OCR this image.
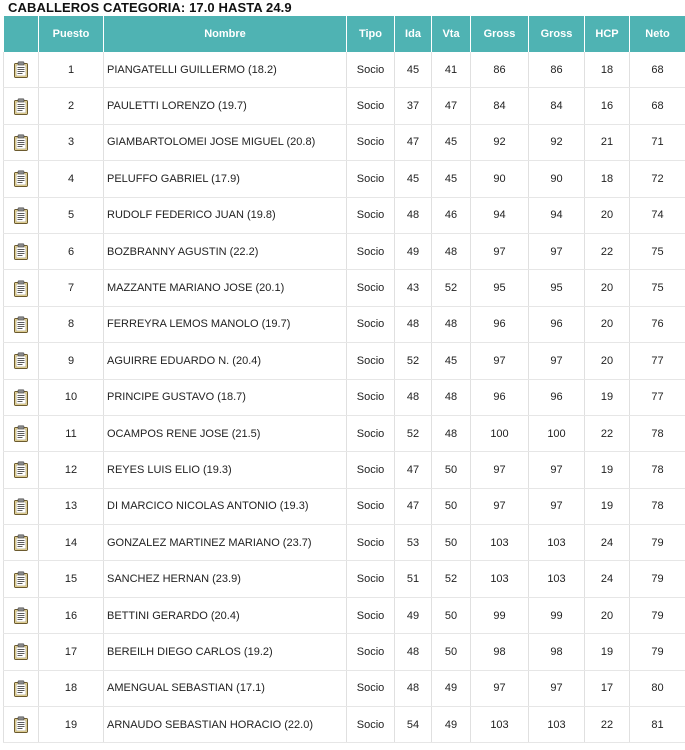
CABALLEROS CATEGORIA: 17.0 HASTA 24.9
	Puesto	Nombre	Tipo	Ida	Vta	Gross	Gross	HCP	Neto

	1	PIANGATELLI GUILLERMO (18.2)	Socio	45	41	86	86	18	68

	2	PAULETTI LORENZO (19.7)	Socio	37	47	84	84	16	68

	3	GIAMBARTOLOMEI JOSE MIGUEL (20.8)	Socio	47	45	92	92	21	71

	4	PELUFFO GABRIEL (17.9)	Socio	45	45	90	90	18	72

	5	RUDOLF FEDERICO JUAN (19.8)	Socio	48	46	94	94	20	74

	6	BOZBRANNY AGUSTIN (22.2)	Socio	49	48	97	97	22	75

	7	MAZZANTE MARIANO JOSE (20.1)	Socio	43	52	95	95	20	75

	8	FERREYRA LEMOS MANOLO (19.7)	Socio	48	48	96	96	20	76

	9	AGUIRRE EDUARDO N. (20.4)	Socio	52	45	97	97	20	77

	10	PRINCIPE GUSTAVO (18.7)	Socio	48	48	96	96	19	77

	11	OCAMPOS RENE JOSE (21.5)	Socio	52	48	100	100	22	78

	12	REYES LUIS ELIO (19.3)	Socio	47	50	97	97	19	78

	13	DI MARCICO NICOLAS ANTONIO (19.3)	Socio	47	50	97	97	19	78

	14	GONZALEZ MARTINEZ MARIANO (23.7)	Socio	53	50	103	103	24	79

	15	SANCHEZ HERNAN (23.9)	Socio	51	52	103	103	24	79

	16	BETTINI GERARDO (20.4)	Socio	49	50	99	99	20	79

	17	BEREILH DIEGO CARLOS (19.2)	Socio	48	50	98	98	19	79

	18	AMENGUAL SEBASTIAN (17.1)	Socio	48	49	97	97	17	80

	19	ARNAUDO SEBASTIAN HORACIO (22.0)	Socio	54	49	103	103	22	81
